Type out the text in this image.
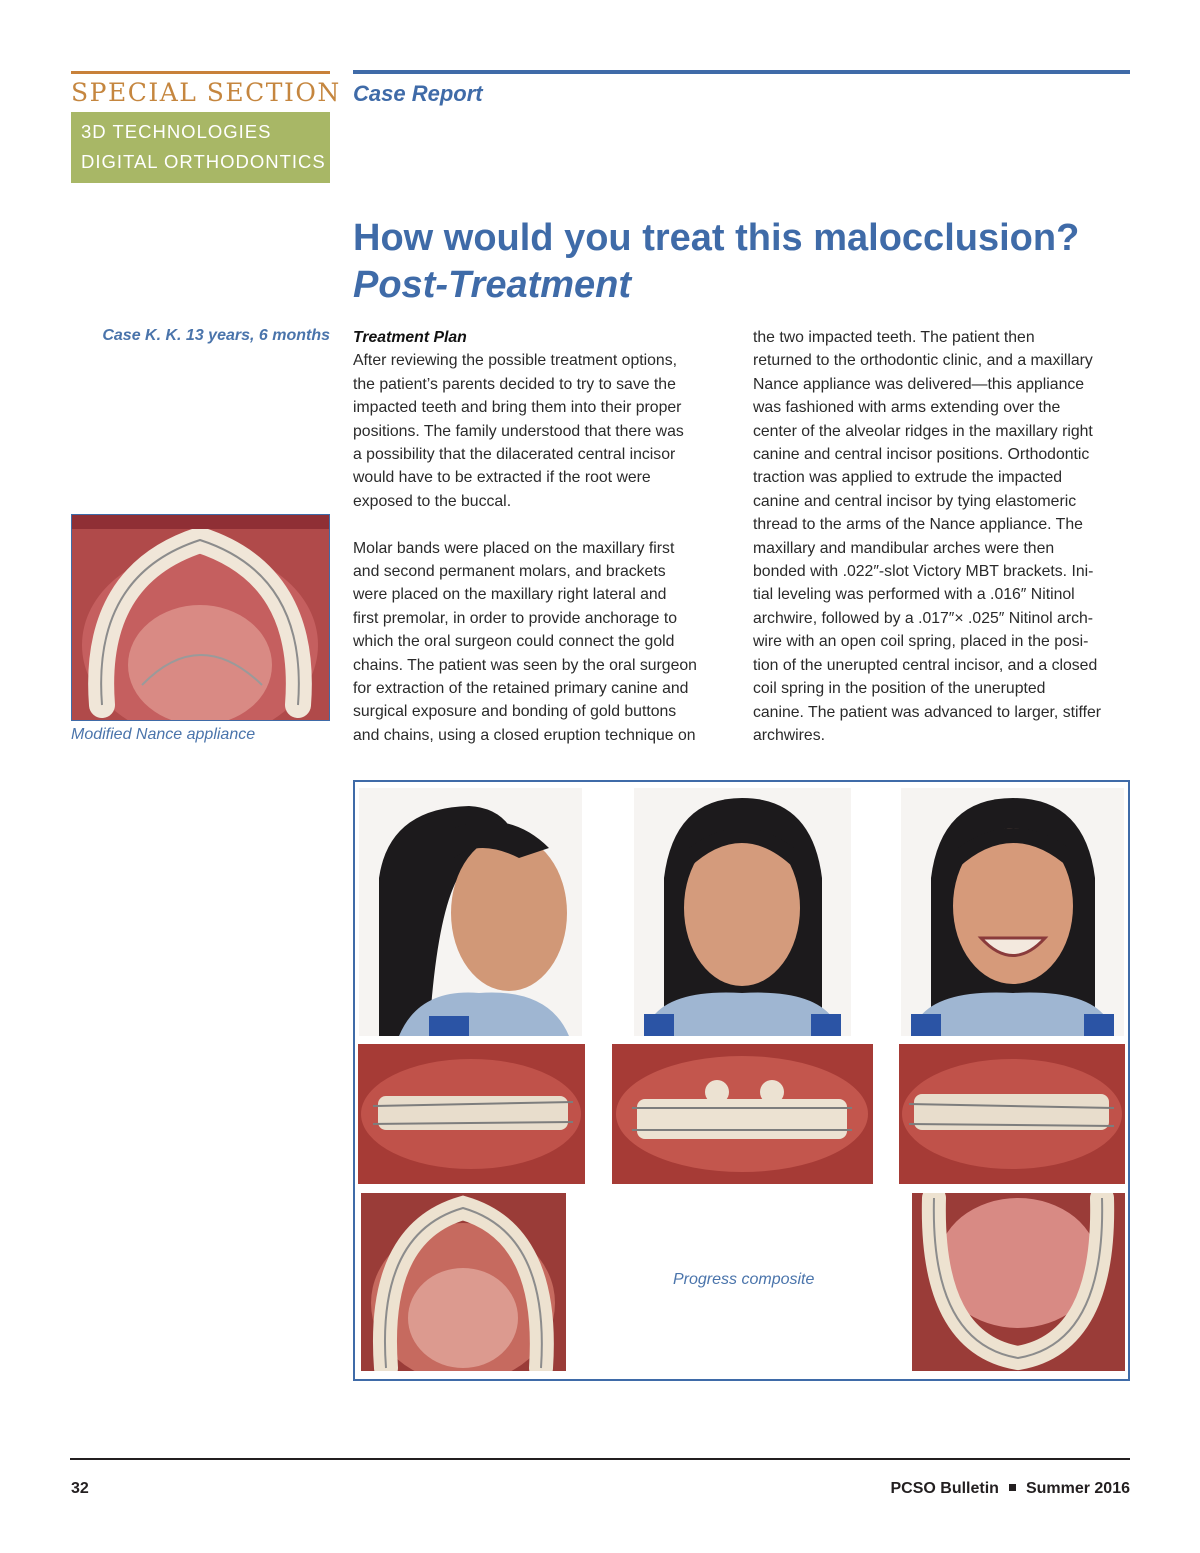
SPECIAL SECTION
3D TECHNOLOGIES
DIGITAL ORTHODONTICS
Case Report
How would you treat this malocclusion?
Post-Treatment
Case K. K. 13 years, 6 months Treatment Plan

After reviewing the possible treatment options,
the patient’s parents decided to try to save the
impacted teeth and bring them into their proper
positions. The family understood that there was
a possibility that the dilacerated central incisor
would have to be extracted if the root were
exposed to the buccal.
Molar bands were placed on the maxillary first
and second permanent molars, and brackets
were placed on the maxillary right lateral and
first premolar, in order to provide anchorage to
which the oral surgeon could connect the gold
chains. The patient was seen by the oral surgeon
for extraction of the retained primary canine and
surgical exposure and bonding of gold buttons
and chains, using a closed eruption technique on
the two impacted teeth. The patient then
returned to the orthodontic clinic, and a maxillary
Nance appliance was delivered—this appliance
was fashioned with arms extending over the
center of the alveolar ridges in the maxillary right
canine and central incisor positions. Orthodontic
traction was applied to extrude the impacted
canine and central incisor by tying elastomeric
thread to the arms of the Nance appliance. The
maxillary and mandibular arches were then
bonded with .022″-slot Victory MBT brackets. Ini-
tial leveling was performed with a .016″ Nitinol
archwire, followed by a .017″× .025″ Nitinol arch-
wire with an open coil spring, placed in the posi-
tion of the unerupted central incisor, and a closed
coil spring in the position of the unerupted
canine. The patient was advanced to larger, stiffer
archwires.
Modified Nance appliance
Progress composite
32	PCSO Bulletin Summer 2016
